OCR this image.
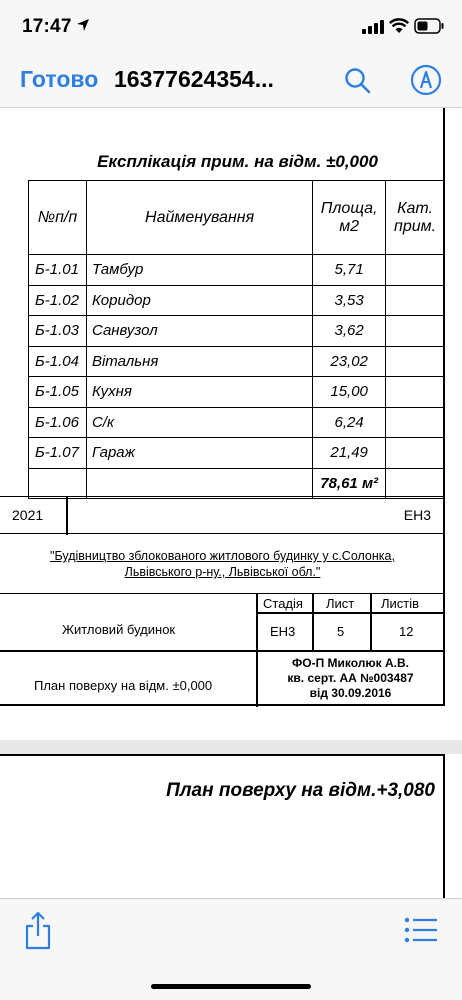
17:47
Готово 16377624354...
Експлікація прим. на відм. ±0,000
№п/п	Найменування	Площа, м2	Кат. прим.
Б-1.01	Тамбур	5,71	
Б-1.02	Коридор	3,53	
Б-1.03	Санвузол	3,62	
Б-1.04	Вітальня	23,02	
Б-1.05	Кухня	15,00	
Б-1.06	С/к	6,24	
Б-1.07	Гараж	21,49	
		78,61 м²	
2021	ЕН3
"Будівництво зблокованого житлового будинку у с.Солонка,
Львівського р-ну., Львівської обл."
Житловий будинок
Стадія Лист Листів
ЕН3	5	12
План поверху на відм. ±0,000
ФО-П Миколюк А.В.
кв. серт. АА №003487
від 30.09.2016
План поверху на відм.+3,080
